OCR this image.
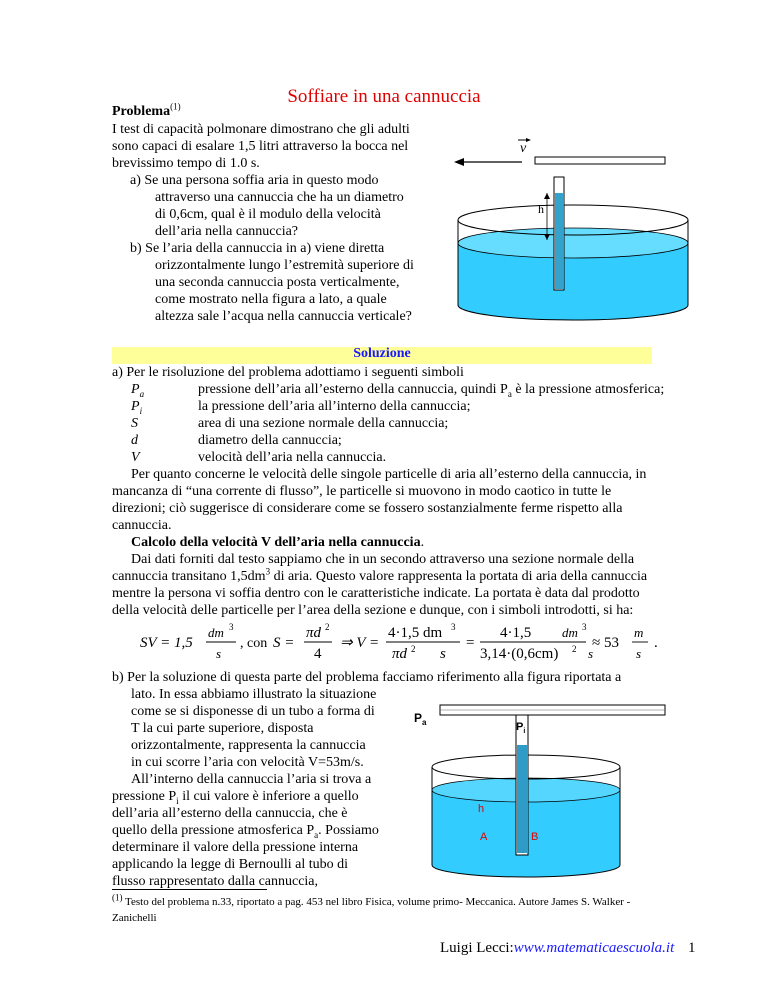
Soffiare in una cannuccia
Problema$^{(1)}$
I test di capacità polmonare dimostrano che gli adulti
sono capaci di esalare 1,5 litri attraverso la bocca nel
brevissimo tempo di 1.0 s.
a) Se una persona soffia aria in questo modo
attraverso una cannuccia che ha un diametro
di 0,6cm, qual è il modulo della velocità
dell’aria nella cannuccia?
b) Se l’aria della cannuccia in a) viene diretta
orizzontalmente lungo l’estremità superiore di
una seconda cannuccia posta verticalmente,
come mostrato nella figura a lato, a quale
altezza sale l’acqua nella cannuccia verticale?
v
h
Soluzione
a) Per le risoluzione del problema adottiamo i seguenti simboli
$P_a$	pressione dell’aria all’esterno della cannuccia, quindi $P_a$ è la pressione atmosferica;
$P_i$	la pressione dell’aria all’interno della cannuccia;
S	area di una sezione normale della cannuccia;
d	diametro della cannuccia;
V	velocità dell’aria nella cannuccia.
Per quanto concerne le velocità delle singole particelle di aria all’esterno della cannuccia, in
mancanza di “una corrente di flusso”, le particelle si muovono in modo caotico in tutte le
direzioni; ciò suggerisce di considerare come se fossero sostanzialmente ferme rispetto alla
cannuccia.
Calcolo della velocità V dell’aria nella cannuccia.
Dai dati forniti dal testo sappiamo che in un secondo attraverso una sezione normale della
cannuccia transitano $1,5dm^3$ di aria. Questo valore rappresenta la portata di aria della cannuccia
mentre la persona vi soffia dentro con le caratteristiche indicate. La portata è data dal prodotto
della velocità delle particelle per l’area della sezione e dunque, con i simboli introdotti, si ha:
SV = 1,5
dm 3
s
, con S =
πd 2
4
⇒ V =
4·1,5 dm 3
πd 2 s
=
4·1,5
3,14·(0,6cm) 2
dm 3
s
≈ 53
m
s
.
b) Per la soluzione di questa parte del problema facciamo riferimento alla figura riportata a
lato. In essa abbiamo illustrato la situazione
come se si disponesse di un tubo a forma di
T la cui parte superiore, disposta
orizzontalmente, rappresenta la cannuccia
in cui scorre l’aria con velocità V=53m/s.
All’interno della cannuccia l’aria si trova a
pressione $P_i$ il cui valore è inferiore a quello
dell’aria all’esterno della cannuccia, che è
quello della pressione atmosferica $P_a$. Possiamo
determinare il valore della pressione interna
applicando la legge di Bernoulli al tubo di
flusso rappresentato dalla cannuccia,
$P_a$	$P_i$
h
A	B
$^{(1)}$ Testo del problema n.33, riportato a pag. 453 nel libro Fisica, volume primo- Meccanica. Autore James S. Walker -
Zanichelli
Luigi Lecci:www.matematicaescuola.it 1
